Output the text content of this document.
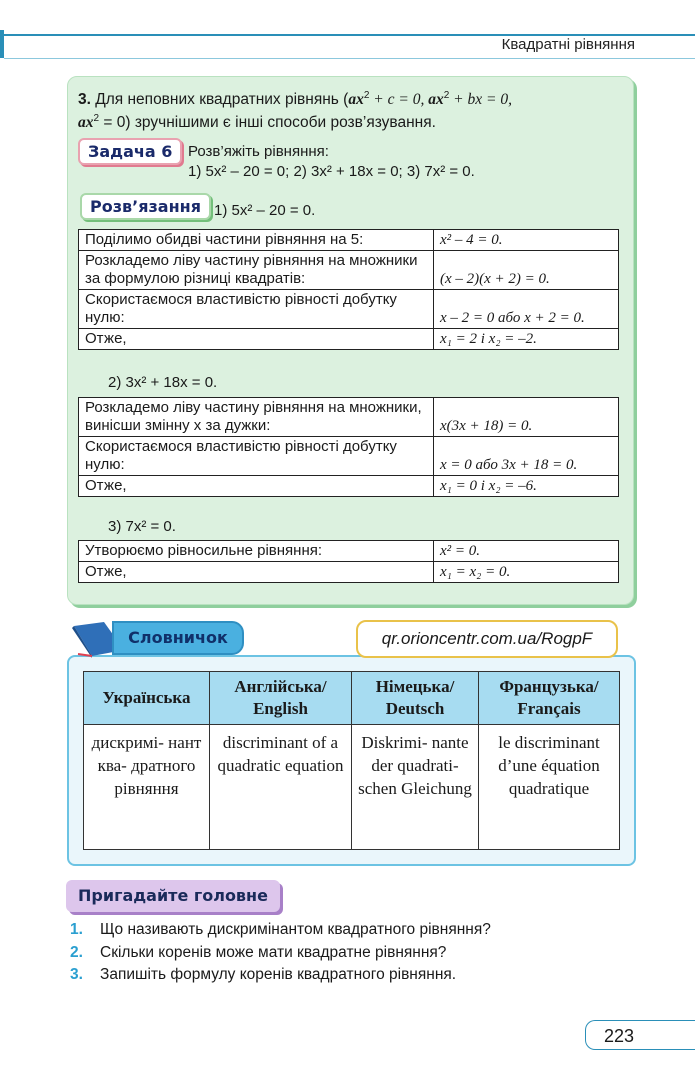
Квадратні рівняння
3. Для неповних квадратних рівнянь ($ax^2 + c = 0$, $ax^2$ + bx = 0,
$ax^2 = 0$) зручнішими є інші способи розв’язування.
Задача 6	Розв’яжіть рівняння:
1) 5x² – 20 = 0; 2) 3x² + 18x = 0; 3) 7x² = 0.
Розв’язання 1) 5x² – 20 = 0.
Поділимо обидві частини рівняння на 5:	x² – 4 = 0.
Розкладемо ліву частину рівняння на множники за формулою різниці квадратів:	(x – 2)(x + 2) = 0.
Скористаємося властивістю рівності добутку нулю:	x – 2 = 0 або x + 2 = 0.
Отже,	x₁ = 2 і x₂ = –2.
2) 3x² + 18x = 0.
Розкладемо ліву частину рівняння на множники, винісши змінну x за дужки:	x(3x + 18) = 0.
Скористаємося властивістю рівності добутку нулю:	x = 0 або 3x + 18 = 0.
Отже,	x₁ = 0 і x₂ = –6.
3) 7x² = 0.
Утворюємо рівносильне рівняння:	x² = 0.
Отже,	x₁ = x₂ = 0.
Словничок	qr.orioncentr.com.ua/RogpF
Українська	Англійська/ English	Німецька/ Deutsch	Французька/ Français
дискримі- нант ква- дратного рівняння	discriminant of a quadratic equation	Diskrimi- nante der quadrati- schen Gleichung	le discriminant d’une équation quadratique
Пригадайте головне
1. Що називають дискримінантом квадратного рівняння?
2. Скільки коренів може мати квадратне рівняння?
3. Запишіть формулу коренів квадратного рівняння.
223
